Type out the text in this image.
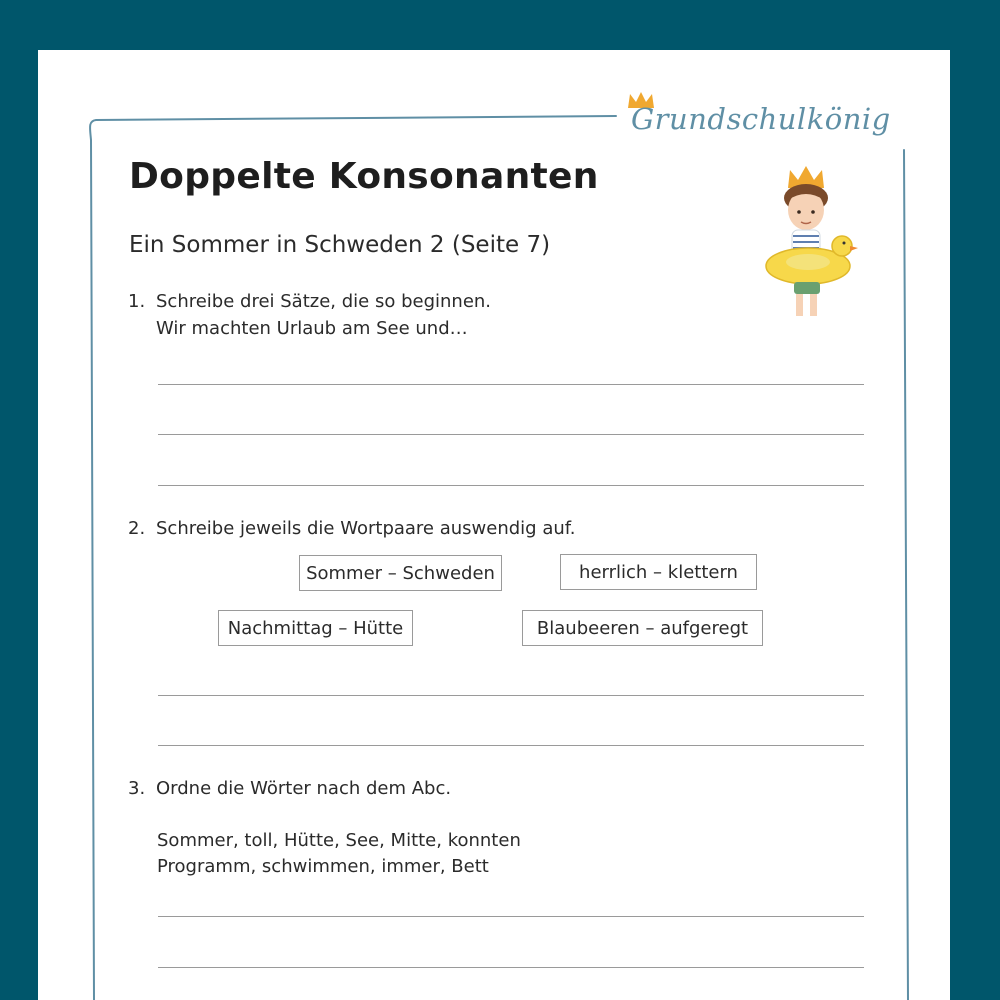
Grundschulkönig
Doppelte Konsonanten
Ein Sommer in Schweden 2 (Seite 7)
1. Schreibe drei Sätze, die so beginnen.
Wir machten Urlaub am See und…
2. Schreibe jeweils die Wortpaare auswendig auf.
Sommer – Schweden	herrlich – klettern
Nachmittag – Hütte	Blaubeeren – aufgeregt
3. Ordne die Wörter nach dem Abc.
Sommer, toll, Hütte, See, Mitte, konnten
Programm, schwimmen, immer, Bett
